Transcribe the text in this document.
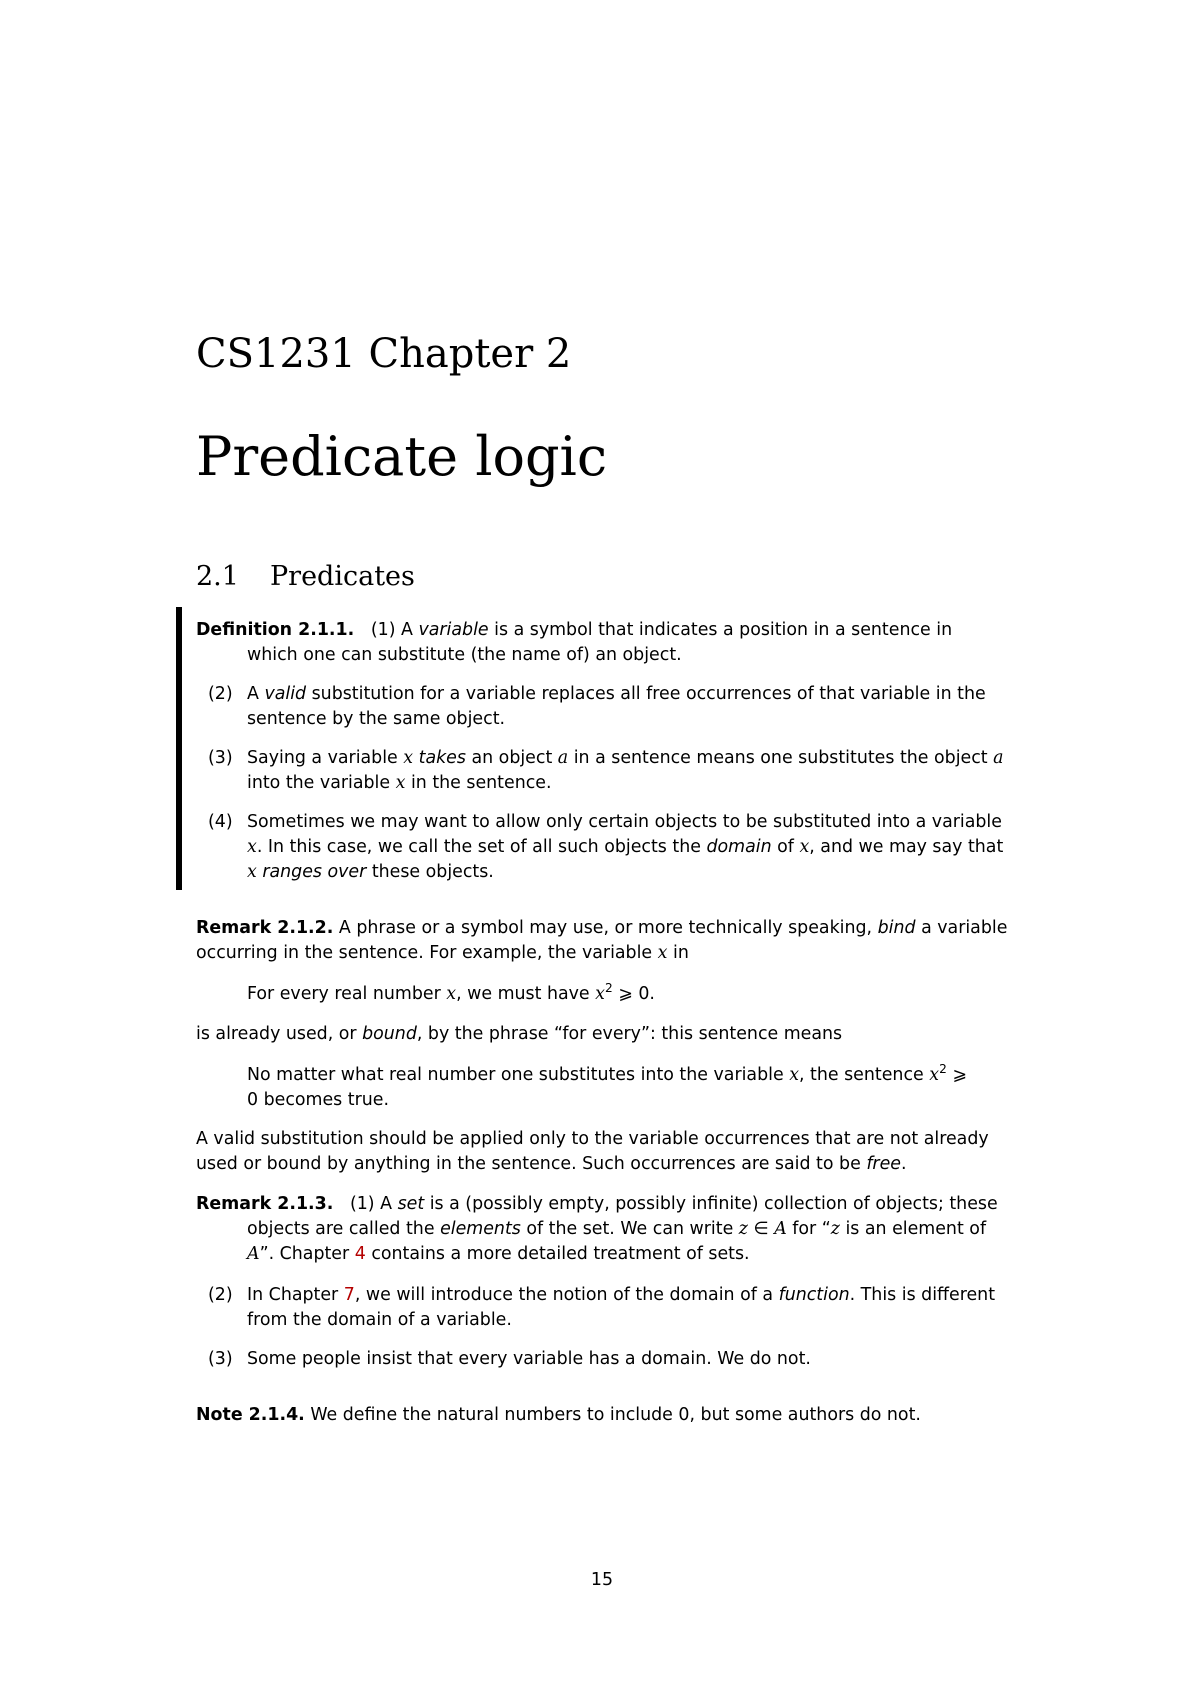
CS1231 Chapter 2
Predicate logic
2.1 Predicates
Definition 2.1.1. (1) A variable is a symbol that indicates a position in a sentence in which one can substitute (the name of) an object.
(2) A valid substitution for a variable replaces all free occurrences of that variable in the sentence by the same object.
(3) Saying a variable x takes an object a in a sentence means one substitutes the object a into the variable x in the sentence.
(4) Sometimes we may want to allow only certain objects to be substituted into a variable x. In this case, we call the set of all such objects the domain of x, and we may say that x ranges over these objects.
Remark 2.1.2. A phrase or a symbol may use, or more technically speaking, bind a variable occurring in the sentence. For example, the variable x in
For every real number x, we must have $x^2$ ⩾ 0.
is already used, or bound, by the phrase “for every”: this sentence means
No matter what real number one substitutes into the variable x, the sentence $x^2$ ⩾ 0 becomes true.
A valid substitution should be applied only to the variable occurrences that are not already used or bound by anything in the sentence. Such occurrences are said to be free.
Remark 2.1.3. (1) A set is a (possibly empty, possibly infinite) collection of objects; these objects are called the elements of the set. We can write z ∈ A for “z is an element of A”. Chapter 4 contains a more detailed treatment of sets.
(2) In Chapter 7, we will introduce the notion of the domain of a function. This is different from the domain of a variable.
(3) Some people insist that every variable has a domain. We do not.
Note 2.1.4. We define the natural numbers to include 0, but some authors do not.
15
